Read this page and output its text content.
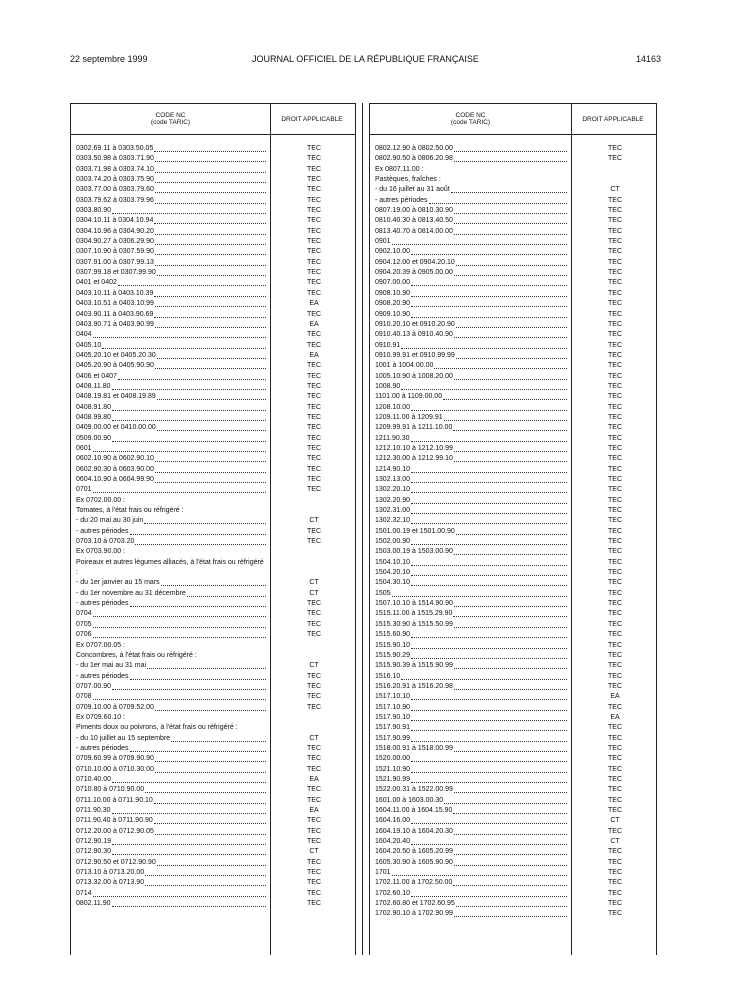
22 septembre 1999	JOURNAL OFFICIEL DE LA RÉPUBLIQUE FRANÇAISE	14163
CODE NC
(code TARIC)	DROIT APPLICABLE
0302.69.11 à 0303.50.05	TEC
0303.50.98 à 0303.71.90	TEC
0303.71.98 à 0303.74.10	TEC
0303.74.20 à 0303.75.90	TEC
0303.77.00 à 0303.79.60	TEC
0303.79.62 à 0303.79.96	TEC
0303.80.90	TEC
0304.10.11 à 0304.10.94	TEC
0304.10.96 à 0304.90.20	TEC
0304.90.27 à 0306.29.90	TEC
0307.10.90 à 0307.59.90	TEC
0307.91.00 à 0307.99.13	TEC
0307.99.18 et 0307.99.90	TEC
0401 et 0402	TEC
0403.10.11 à 0403.10.39	TEC
0403.10.51 à 0403.10.99	EA
0403.90.11 à 0403.90.69	TEC
0403.90.71 à 0403.90.99	EA
0404	TEC
0405.10	TEC
0405.20.10 et 0405.20.30	EA
0405.20.90 à 0405.90.90	TEC
0406 et 0407	TEC
0408.11.80	TEC
0408.19.81 et 0408.19.89	TEC
0408.91.80	TEC
0408.99.80	TEC
0409.00.00 et 0410.00.00	TEC
0509.00.90	TEC
0601	TEC
0602.10.90 à 0602.90.10	TEC
0602.90.30 à 0603.90.00	TEC
0604.10.90 à 0604.99.90	TEC
0701	TEC
Ex 0702.00.00 :
Tomates, à l'état frais ou réfrigéré :
- du 20 mai au 30 juin	CT
- autres périodes	TEC
0703.10 à 0703.20	TEC
Ex 0703.90.00 :
Poireaux et autres légumes alliacés, à l'état frais ou réfrigéré :
- du 1er janvier au 15 mars	CT
- du 1er novembre au 31 décembre	CT
- autres périodes	TEC
0704	TEC
0705	TEC
0706	TEC
Ex 0707.00.05 :
Concombres, à l'état frais ou réfrigéré :
- du 1er mai au 31 mai	CT
- autres périodes	TEC
0707.00.90	TEC
0708	TEC
0709.10.00 à 0709.52.00	TEC
Ex 0709.60.10 :
Piments doux ou poivrons, à l'état frais ou réfrigéré :
- du 10 juillet au 15 septembre	CT
- autres périodes	TEC
0709.60.99 à 0709.90.90	TEC
0710.10.00 à 0710.30.00	TEC
0710.40.00	EA
0710.80 à 0710.90.00	TEC
0711.10.00 à 0711.90.10	TEC
0711.90.30	EA
0711.90.40 à 0711.90.90	TEC
0712.20.00 à 0712.90.05	TEC
0712.90.19	TEC
0712.90.30	CT
0712.90.50 et 0712.90.90	TEC
0713.10 à 0713.20.00	TEC
0713.32.00 à 0713.90	TEC
0714	TEC
0802.11.90	TEC
CODE NC
(code TARIC)	DROIT APPLICABLE
0802.12.90 à 0802.50.00	TEC
0802.90.50 à 0806.20.98	TEC
Ex 0807.11.00 :
Pastèques, fraîches :
- du 16 juillet au 31 août	CT
- autres périodes	TEC
0807.19.00 à 0810.30.90	TEC
0810.40.30 à 0813.40.50	TEC
0813.40.70 à 0814.00.00	TEC
0901	TEC
0902.10.00	TEC
0904.12.00 et 0904.20.10	TEC
0904.20.39 à 0905.00.00	TEC
0907.00.00	TEC
0908.10.90	TEC
0908.20.90	TEC
0909.10.90	TEC
0910.20.10 et 0910.20.90	TEC
0910.40.13 à 0910.40.90	TEC
0910.91	TEC
0910.99.91 et 0910.99.99	TEC
1001 à 1004.00.00	TEC
1005.10.90 à 1008.20.00	TEC
1008.90	TEC
1101.00 à 1109.00.00	TEC
1208.10.00	TEC
1209.11.00 à 1209.91	TEC
1209.99.91 à 1211.10.00	TEC
1211.90.30	TEC
1212.10.10 à 1212.10.99	TEC
1212.30.00 à 1212.99.10	TEC
1214.90.10	TEC
1302.13.00	TEC
1302.20.10	TEC
1302.20.90	TEC
1302.31.00	TEC
1302.32.10	TEC
1501.00.19 et 1501.00.90	TEC
1502.00.90	TEC
1503.00.19 à 1503.00.90	TEC
1504.10.10	TEC
1504.20.10	TEC
1504.30.10	TEC
1505	TEC
1507.10.10 à 1514.90.90	TEC
1515.11.00 à 1515.29.90	TEC
1515.30.90 à 1515.50.99	TEC
1515.60.90	TEC
1515.90.10	TEC
1515.90.29	TEC
1515.90.39 à 1515.90.99	TEC
1516.10	TEC
1516.20.91 à 1516.20.98	TEC
1517.10.10	EA
1517.10.90	TEC
1517.90.10	EA
1517.90.91	TEC
1517.90.99	TEC
1518.00.91 à 1518.00.99	TEC
1520.00.00	TEC
1521.10.90	TEC
1521.90.99	TEC
1522.00.31 à 1522.00.99	TEC
1601.00 à 1603.00.30	TEC
1604.11.00 à 1604.15.90	TEC
1604.16.00	CT
1604.19.10 à 1604.20.30	TEC
1604.20.40	CT
1604.20.50 à 1605.20.99	TEC
1605.30.90 à 1605.90.90	TEC
1701	TEC
1702.11.00 à 1702.50.00	TEC
1702.60.10	TEC
1702.60.80 et 1702.60.95	TEC
1702.90.10 à 1702.90.99	TEC
